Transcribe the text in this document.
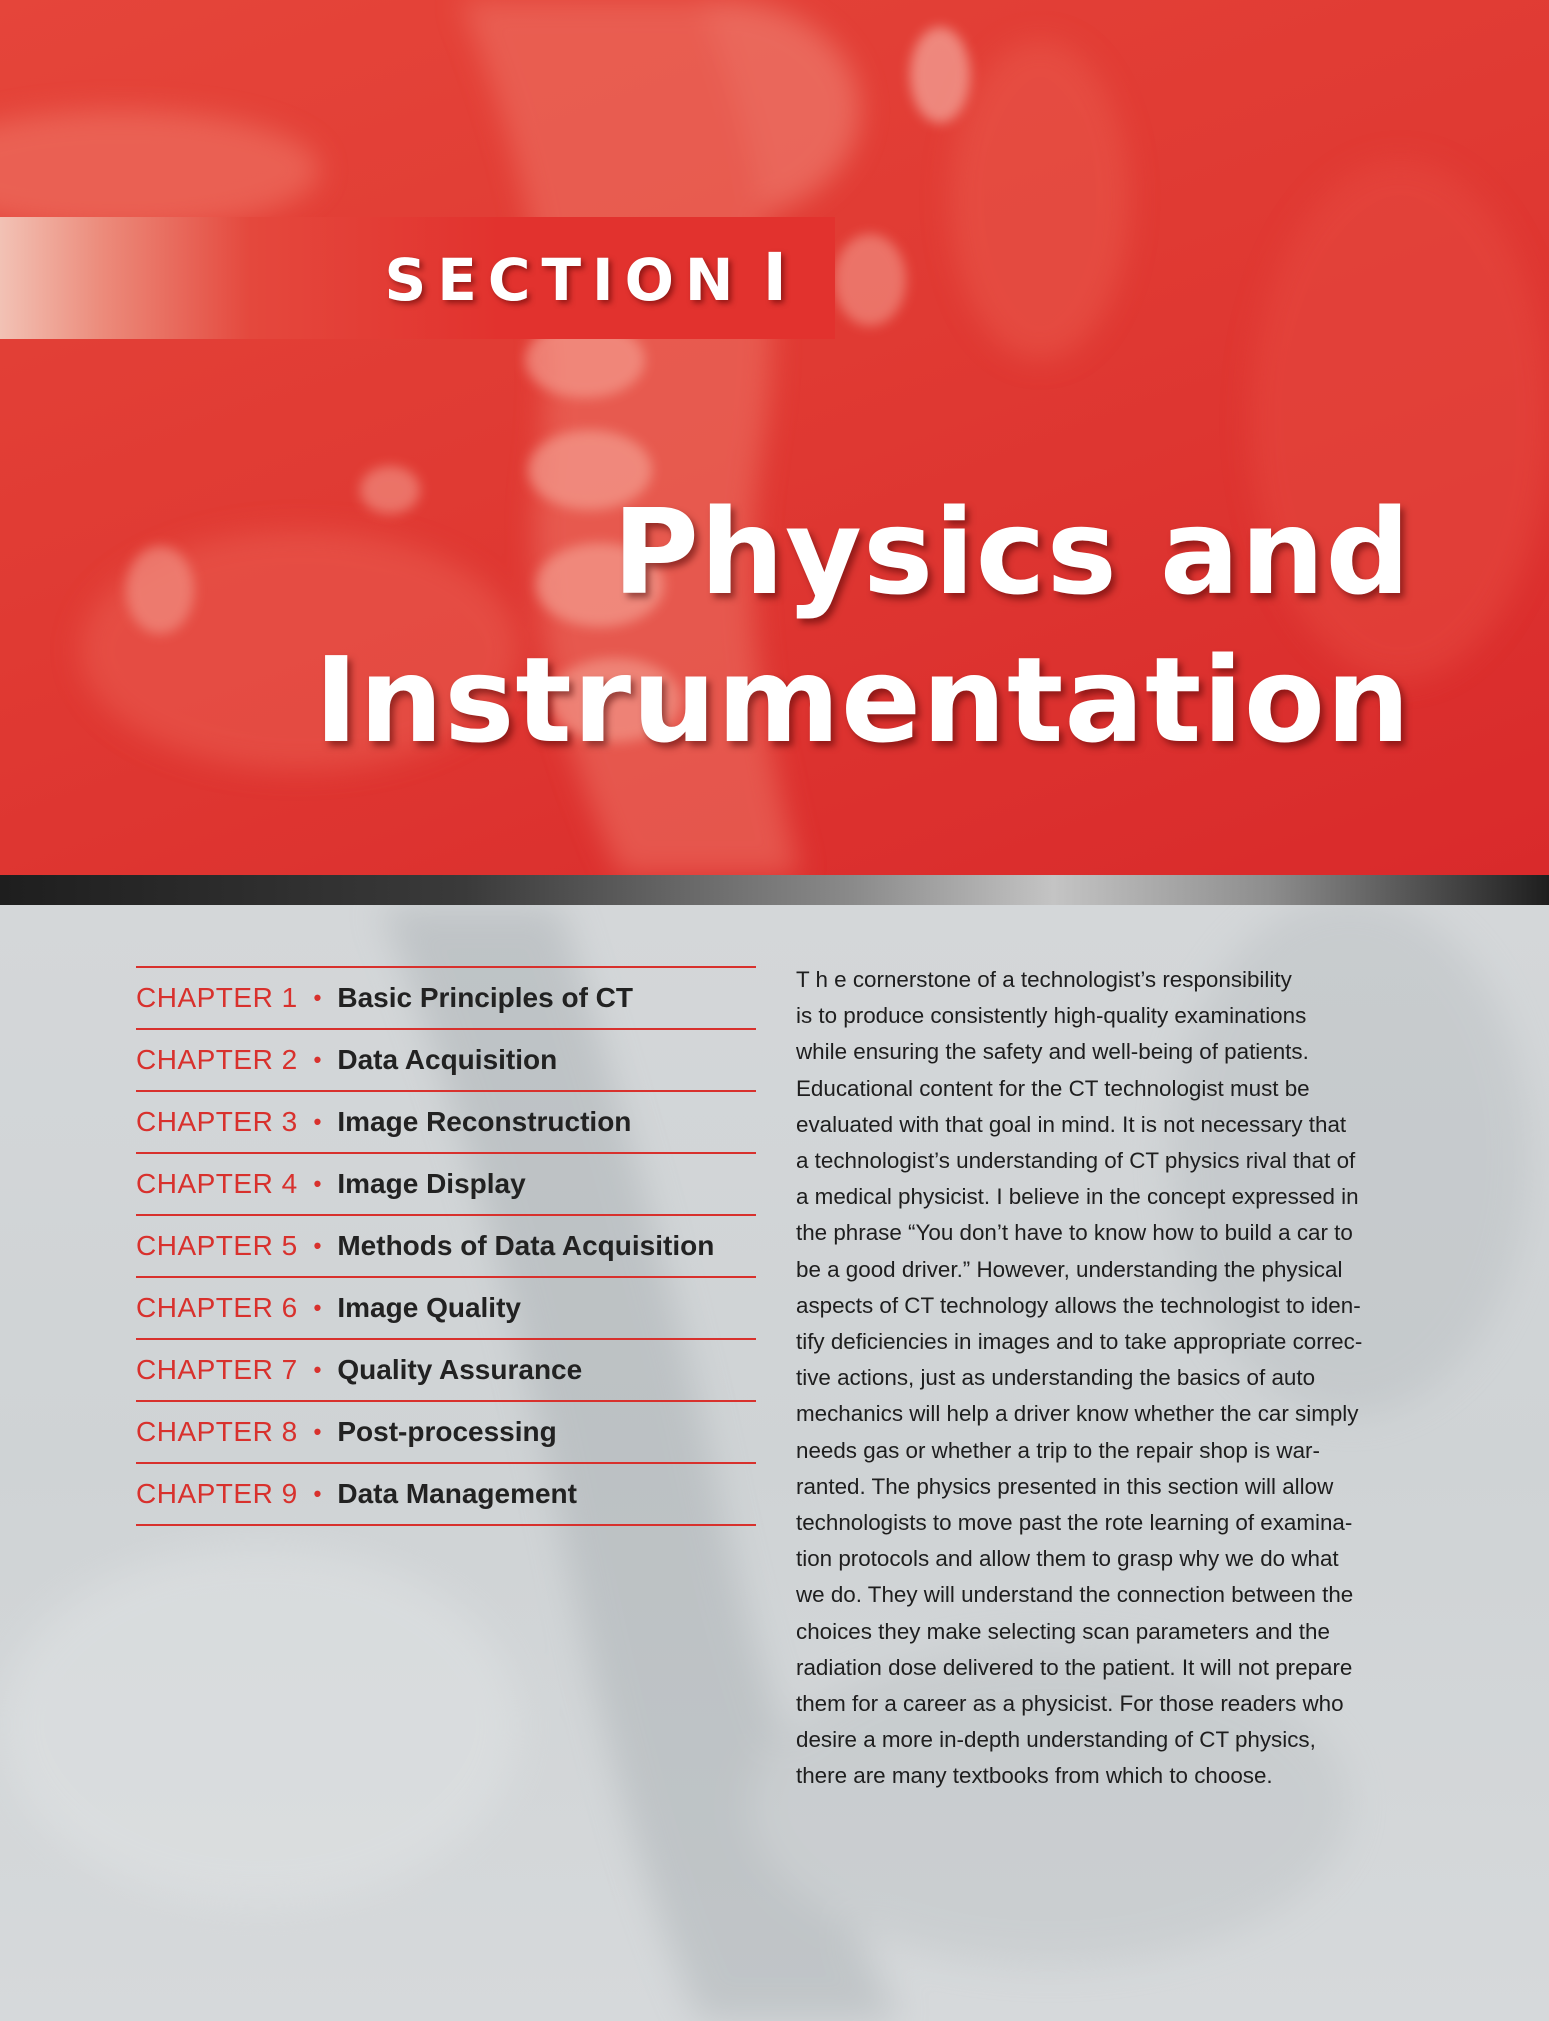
SECTION I
Physics and
Instrumentation
CHAPTER 1 • Basic Principles of CT
CHAPTER 2 • Data Acquisition
CHAPTER 3 • Image Reconstruction
CHAPTER 4 • Image Display
CHAPTER 5 • Methods of Data Acquisition
CHAPTER 6 • Image Quality
CHAPTER 7 • Quality Assurance
CHAPTER 8 • Post-processing
CHAPTER 9 • Data Management

T h e cornerstone of a technologist’s responsibility
is to produce consistently high-quality examinations
while ensuring the safety and well-being of patients.
Educational content for the CT technologist must be
evaluated with that goal in mind. It is not necessary that
a technologist’s understanding of CT physics rival that of
a medical physicist. I believe in the concept expressed in
the phrase “You don’t have to know how to build a car to
be a good driver.” However, understanding the physical
aspects of CT technology allows the technologist to iden-
tify deficiencies in images and to take appropriate correc-
tive actions, just as understanding the basics of auto
mechanics will help a driver know whether the car simply
needs gas or whether a trip to the repair shop is war-
ranted. The physics presented in this section will allow
technologists to move past the rote learning of examina-
tion protocols and allow them to grasp why we do what
we do. They will understand the connection between the
choices they make selecting scan parameters and the
radiation dose delivered to the patient. It will not prepare
them for a career as a physicist. For those readers who
desire a more in-depth understanding of CT physics,
there are many textbooks from which to choose.
